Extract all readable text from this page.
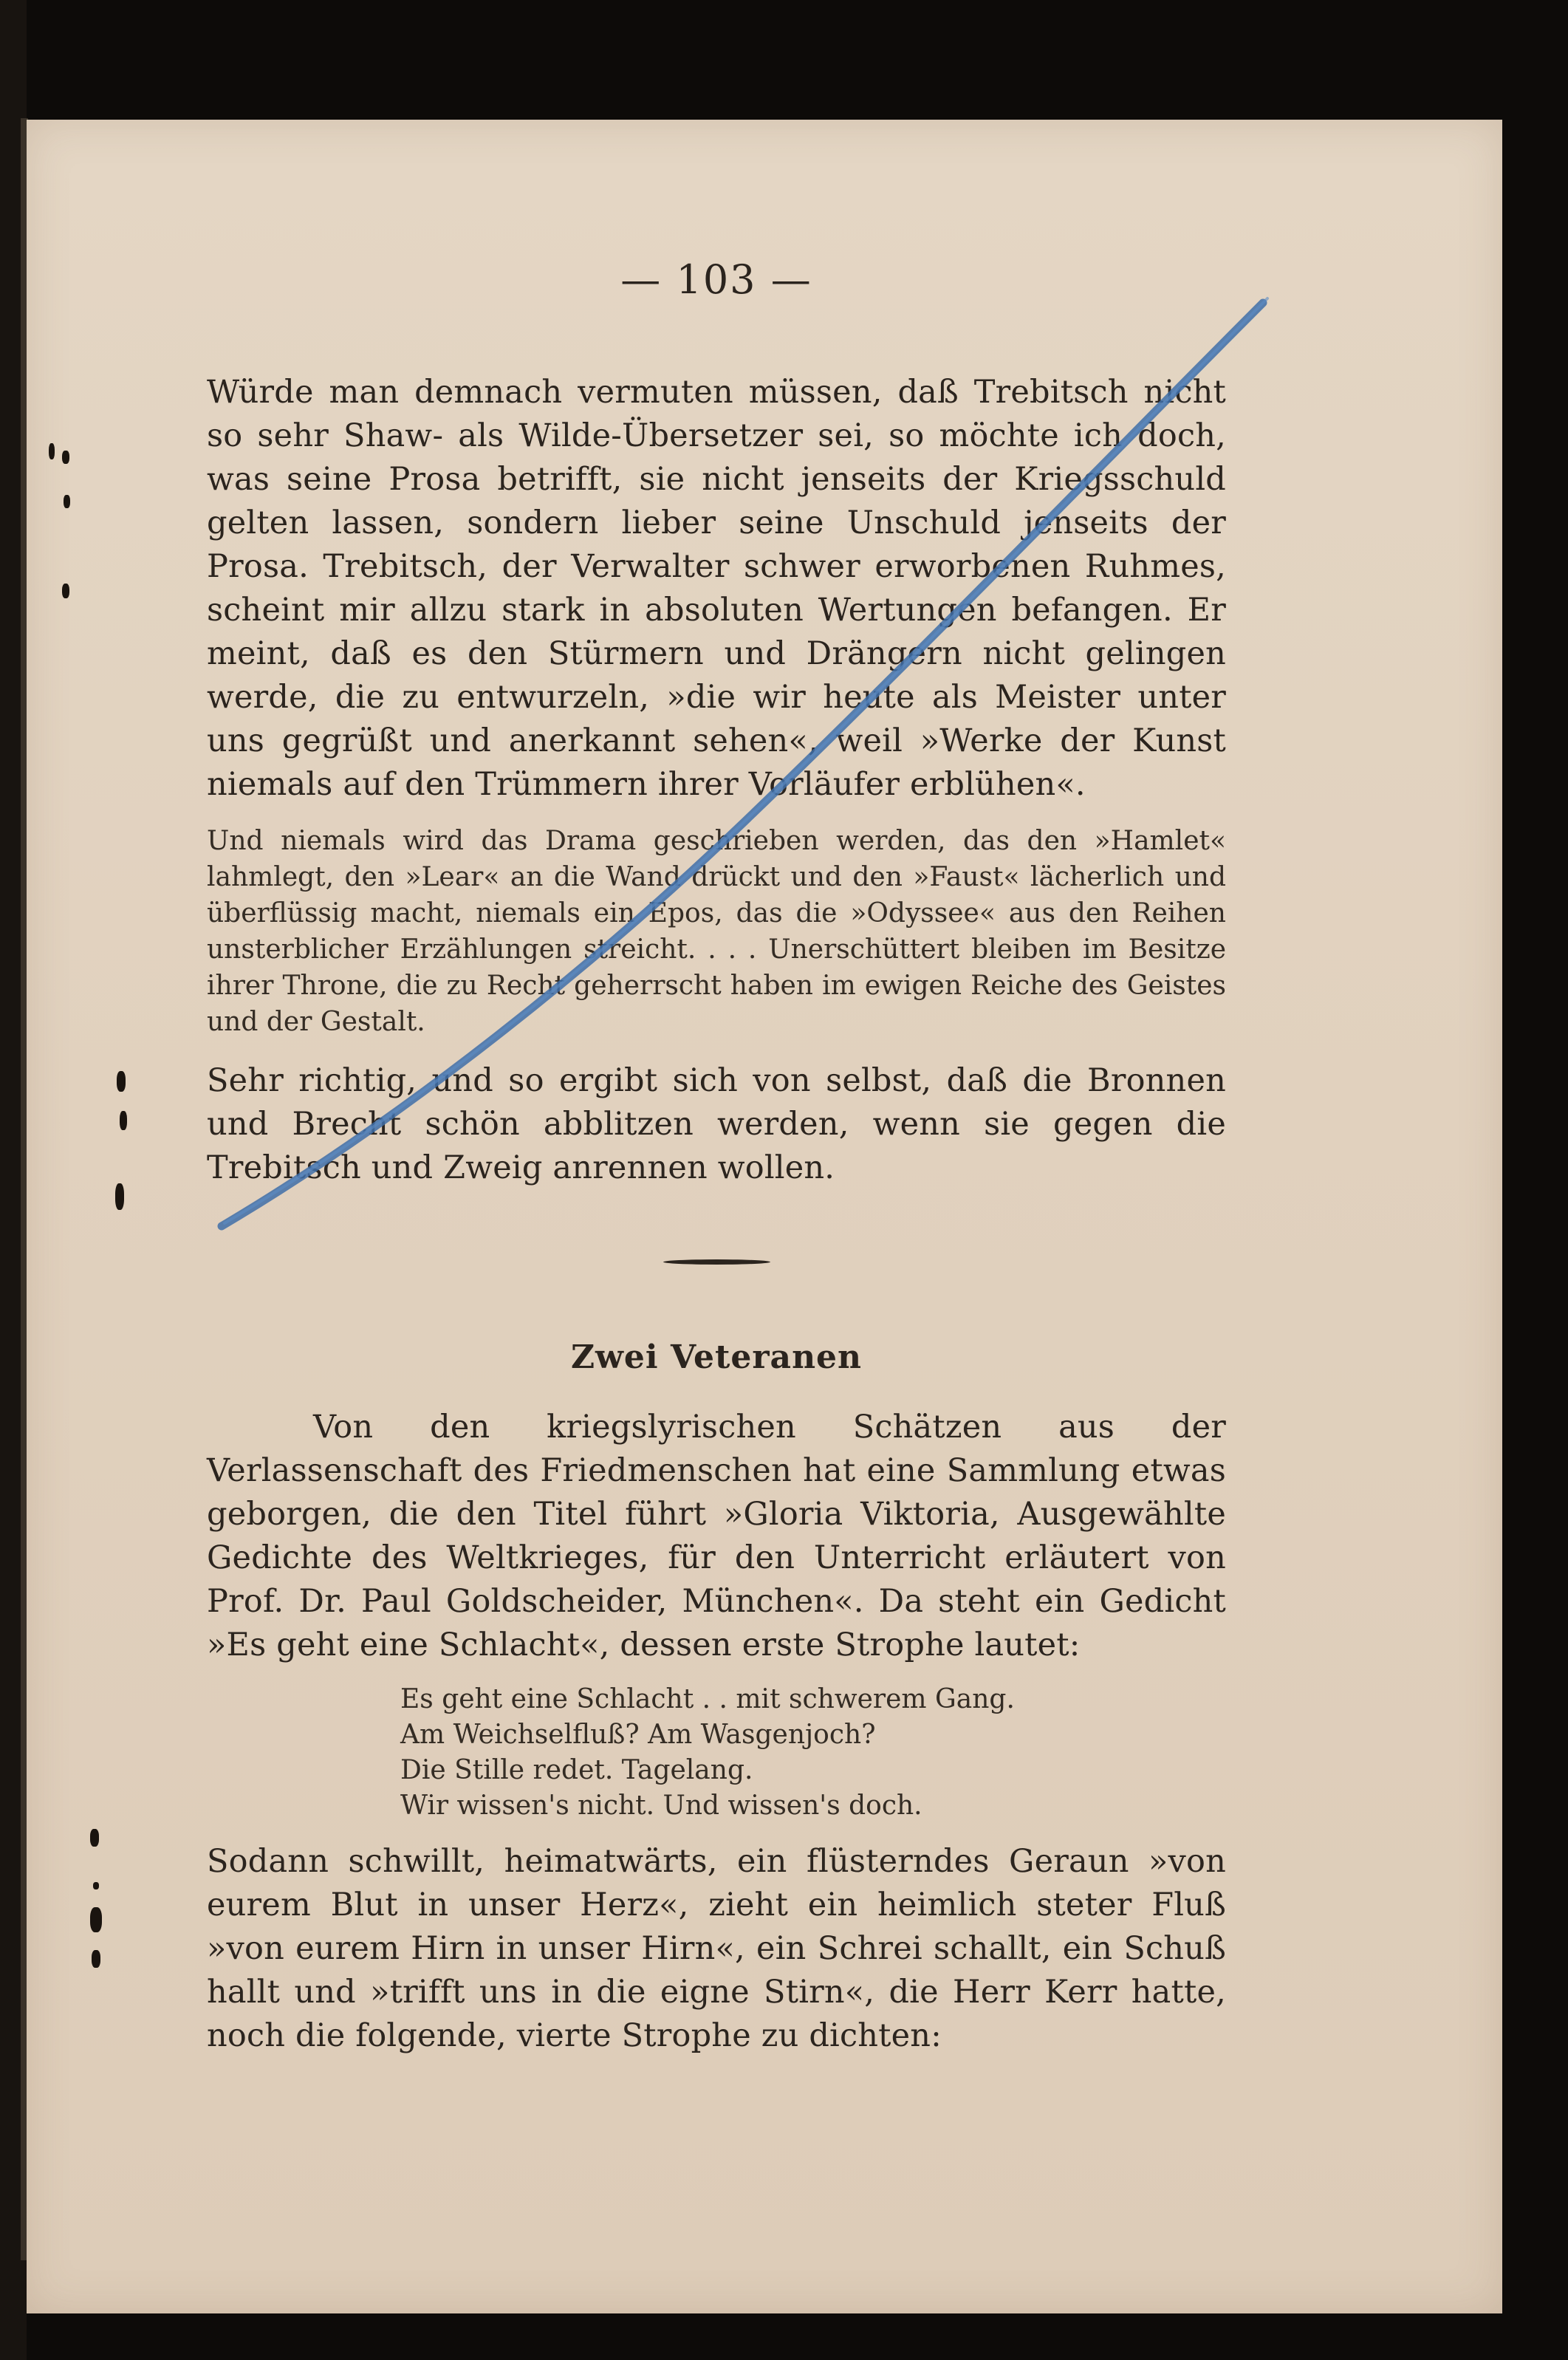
— 103 —

Würde man demnach vermuten müssen, daß Trebitsch nicht so sehr Shaw- als Wilde-Übersetzer sei, so möchte ich doch, was seine Prosa betrifft, sie nicht jenseits der Kriegsschuld gelten lassen, sondern lieber seine Unschuld jenseits der Prosa. Trebitsch, der Verwalter schwer erworbenen Ruhmes, scheint mir allzu stark in absoluten Wertungen befangen. Er meint, daß es den Stürmern und Drängern nicht gelingen werde, die zu entwurzeln, »die wir heute als Meister unter uns gegrüßt und anerkannt sehen«, weil »Werke der Kunst niemals auf den Trümmern ihrer Vorläufer erblühen«.

Und niemals wird das Drama geschrieben werden, das den »Hamlet« lahmlegt, den »Lear« an die Wand drückt und den »Faust« lächerlich und überflüssig macht, niemals ein Epos, das die »Odyssee« aus den Reihen unsterblicher Erzählungen streicht. . . . Unerschüttert bleiben im Besitze ihrer Throne, die zu Recht geherrscht haben im ewigen Reiche des Geistes und der Gestalt.

Sehr richtig, und so ergibt sich von selbst, daß die Bronnen und Brecht schön abblitzen werden, wenn sie gegen die Trebitsch und Zweig anrennen wollen.

Zwei Veteranen

Von den kriegslyrischen Schätzen aus der Verlassenschaft des Friedmenschen hat eine Sammlung etwas geborgen, die den Titel führt »Gloria Viktoria, Ausgewählte Gedichte des Weltkrieges, für den Unterricht erläutert von Prof. Dr. Paul Goldscheider, München«. Da steht ein Gedicht »Es geht eine Schlacht«, dessen erste Strophe lautet:

Es geht eine Schlacht . . mit schwerem Gang.
Am Weichselfluß? Am Wasgenjoch?
Die Stille redet. Tagelang.
Wir wissen's nicht. Und wissen's doch.

Sodann schwillt, heimatwärts, ein flüsterndes Geraun »von eurem Blut in unser Herz«, zieht ein heimlich steter Fluß »von eurem Hirn in unser Hirn«, ein Schrei schallt, ein Schuß hallt und »trifft uns in die eigne Stirn«, die Herr Kerr hatte, noch die folgende, vierte Strophe zu dichten:
